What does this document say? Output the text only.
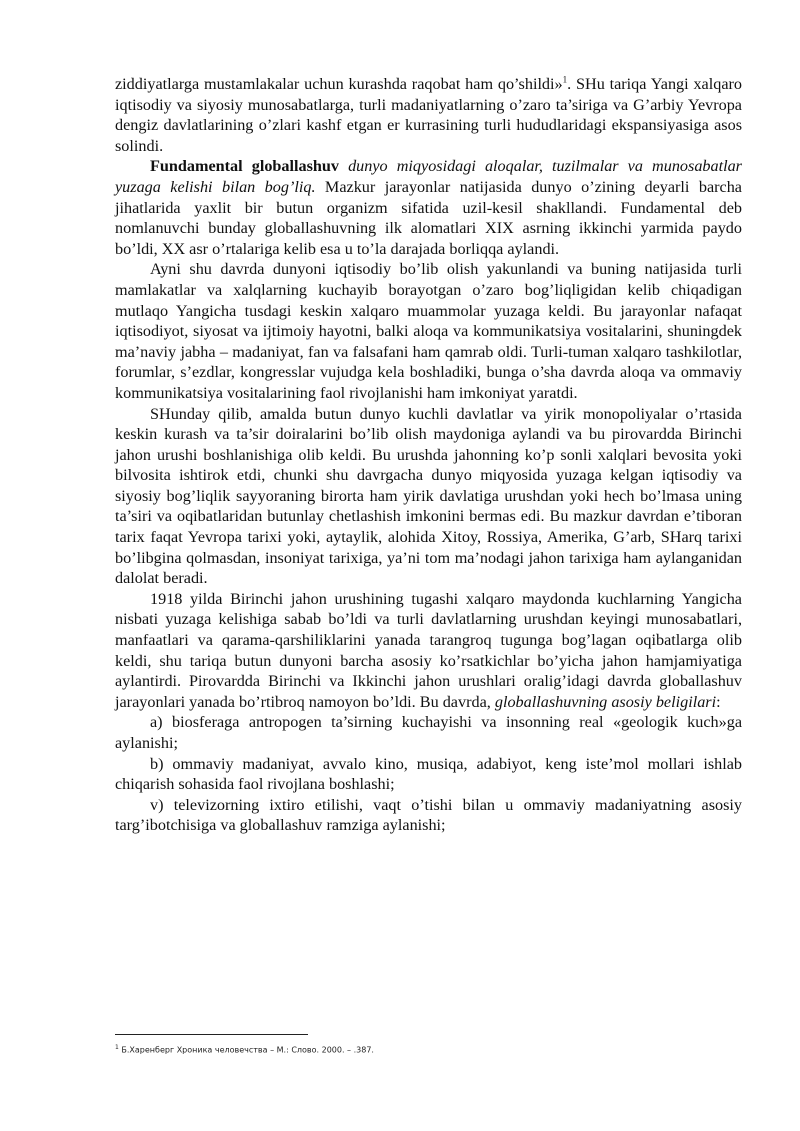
ziddiyatlarga mustamlakalar uchun kurashda raqobat ham qo’shildi»$^1$. SHu tariqa Yangi xalqaro iqtisodiy va siyosiy munosabatlarga, turli madaniyatlarning o’zaro ta’siriga va G’arbiy Yevropa dengiz davlatlarining o’zlari kashf etgan er kurrasining turli hududlaridagi ekspansiyasiga asos solindi.

Fundamental globallashuv dunyo miqyosidagi aloqalar, tuzilmalar va munosabatlar yuzaga kelishi bilan bog’liq. Mazkur jarayonlar natijasida dunyo o’zining deyarli barcha jihatlarida yaxlit bir butun organizm sifatida uzil-kesil shakllandi. Fundamental deb nomlanuvchi bunday globallashuvning ilk alomatlari XIX asrning ikkinchi yarmida paydo bo’ldi, XX asr o’rtalariga kelib esa u to’la darajada borliqqa aylandi.

Ayni shu davrda dunyoni iqtisodiy bo’lib olish yakunlandi va buning natijasida turli mamlakatlar va xalqlarning kuchayib borayotgan o’zaro bog’liqligidan kelib chiqadigan mutlaqo Yangicha tusdagi keskin xalqaro muammolar yuzaga keldi. Bu jarayonlar nafaqat iqtisodiyot, siyosat va ijtimoiy hayotni, balki aloqa va kommunikatsiya vositalarini, shuningdek ma’naviy jabha – madaniyat, fan va falsafani ham qamrab oldi. Turli-tuman xalqaro tashkilotlar, forumlar, s’ezdlar, kongresslar vujudga kela boshladiki, bunga o’sha davrda aloqa va ommaviy kommunikatsiya vositalarining faol rivojlanishi ham imkoniyat yaratdi.

SHunday qilib, amalda butun dunyo kuchli davlatlar va yirik monopoliyalar o’rtasida keskin kurash va ta’sir doiralarini bo’lib olish maydoniga aylandi va bu pirovardda Birinchi jahon urushi boshlanishiga olib keldi. Bu urushda jahonning ko’p sonli xalqlari bevosita yoki bilvosita ishtirok etdi, chunki shu davrgacha dunyo miqyosida yuzaga kelgan iqtisodiy va siyosiy bog’liqlik sayyoraning birorta ham yirik davlatiga urushdan yoki hech bo’lmasa uning ta’siri va oqibatlaridan butunlay chetlashish imkonini bermas edi. Bu mazkur davrdan e’tiboran tarix faqat Yevropa tarixi yoki, aytaylik, alohida Xitoy, Rossiya, Amerika, G’arb, SHarq tarixi bo’libgina qolmasdan, insoniyat tarixiga, ya’ni tom ma’nodagi jahon tarixiga ham aylanganidan dalolat beradi.

1918 yilda Birinchi jahon urushining tugashi xalqaro maydonda kuchlarning Yangicha nisbati yuzaga kelishiga sabab bo’ldi va turli davlatlarning urushdan keyingi munosabatlari, manfaatlari va qarama-qarshiliklarini yanada tarangroq tugunga bog’lagan oqibatlarga olib keldi, shu tariqa butun dunyoni barcha asosiy ko’rsatkichlar bo’yicha jahon hamjamiyatiga aylantirdi. Pirovardda Birinchi va Ikkinchi jahon urushlari oralig’idagi davrda globallashuv jarayonlari yanada bo’rtibroq namoyon bo’ldi. Bu davrda, globallashuvning asosiy beligilari:

a) biosferaga antropogen ta’sirning kuchayishi va insonning real «geologik kuch»ga aylanishi;

b) ommaviy madaniyat, avvalo kino, musiqa, adabiyot, keng iste’mol mollari ishlab chiqarish sohasida faol rivojlana boshlashi;

v) televizorning ixtiro etilishi, vaqt o’tishi bilan u ommaviy madaniyatning asosiy targ’ibotchisiga va globallashuv ramziga aylanishi;

$^1$ Б.Харенберг Хроника человечства – М.: Слово. 2000. – .387.
